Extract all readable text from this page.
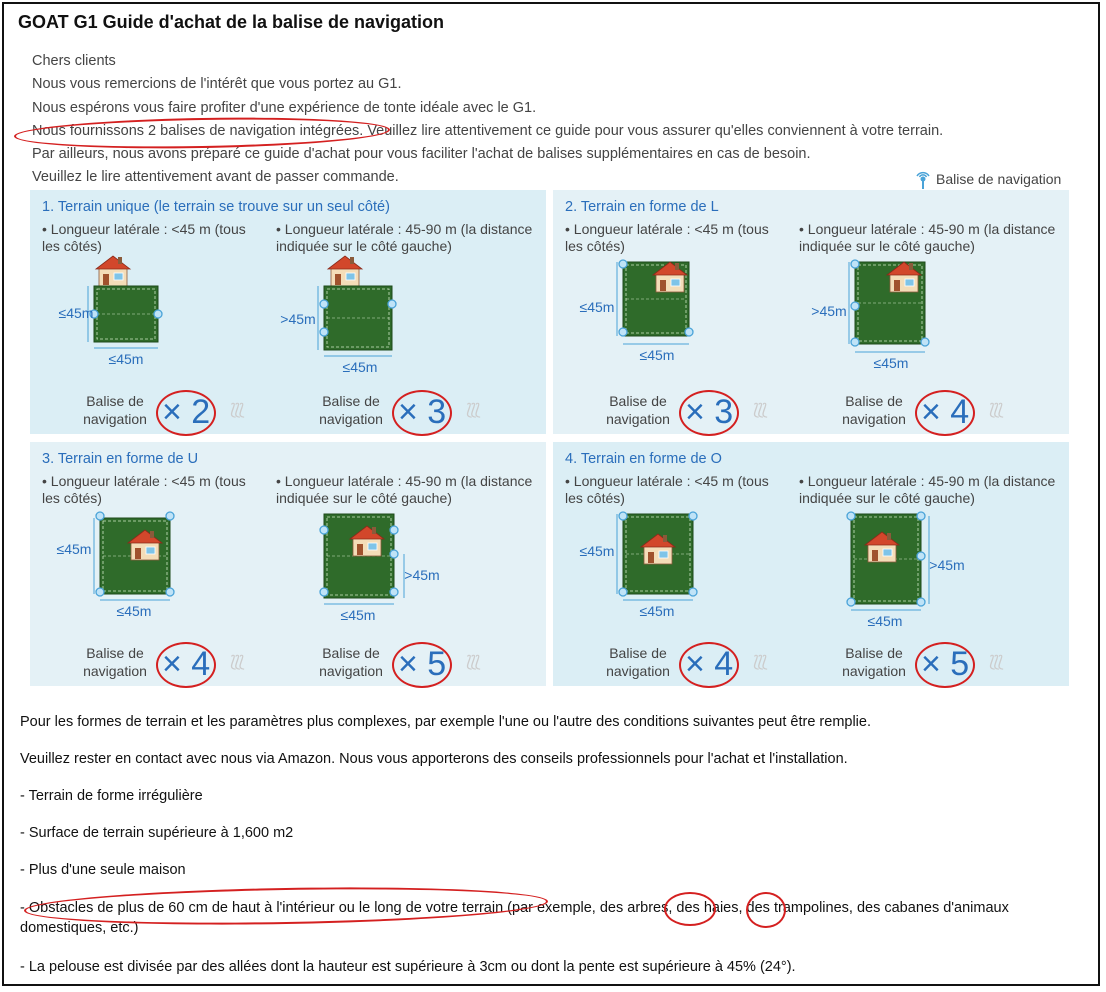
GOAT G1 Guide d'achat de la balise de navigation
Chers clients
Nous vous remercions de l'intérêt que vous portez au G1.
Nous espérons vous faire profiter d'une expérience de tonte idéale avec le G1.
Nous fournissons 2 balises de navigation intégrées. Veuillez lire attentivement ce guide pour vous assurer qu'elles conviennent à votre terrain.
Par ailleurs, nous avons préparé ce guide d'achat pour vous faciliter l'achat de balises supplémentaires en cas de besoin.
Veuillez le lire attentivement avant de passer commande.	Balise de navigation
1. Terrain unique (le terrain se trouve sur un seul côté)
• Longueur latérale : <45 m (tous les côtés)
• Longueur latérale : 45-90 m (la distance indiquée sur le côté gauche)
≤45m
≤45m
Balise de
navigation × 2 ⟅⟅⟅
>45m
≤45m
Balise de
navigation × 3 ⟅⟅⟅
2. Terrain en forme de L
• Longueur latérale : <45 m (tous les côtés)
• Longueur latérale : 45-90 m (la distance indiquée sur le côté gauche)
≤45m
≤45m
Balise de
navigation × 3 ⟅⟅⟅
>45m
≤45m
Balise de
navigation × 4 ⟅⟅⟅
3. Terrain en forme de U
• Longueur latérale : <45 m (tous les côtés)
• Longueur latérale : 45-90 m (la distance indiquée sur le côté gauche)
≤45m
≤45m
Balise de
navigation × 4 ⟅⟅⟅
>45m
≤45m
Balise de
navigation × 5 ⟅⟅⟅
4. Terrain en forme de O
• Longueur latérale : <45 m (tous les côtés)
• Longueur latérale : 45-90 m (la distance indiquée sur le côté gauche)
≤45m
≤45m
Balise de
navigation × 4 ⟅⟅⟅
>45m
≤45m
Balise de
navigation × 5 ⟅⟅⟅
Pour les formes de terrain et les paramètres plus complexes, par exemple l'une ou l'autre des conditions suivantes peut être remplie.
Veuillez rester en contact avec nous via Amazon. Nous vous apporterons des conseils professionnels pour l'achat et l'installation.
- Terrain de forme irrégulière
- Surface de terrain supérieure à 1,600 m2
- Plus d'une seule maison
- Obstacles de plus de 60 cm de haut à l'intérieur ou le long de votre terrain (par exemple, des arbres, des haies, des trampolines, des cabanes d'animaux domestiques, etc.)
- La pelouse est divisée par des allées dont la hauteur est supérieure à 3cm ou dont la pente est supérieure à 45% (24°).
